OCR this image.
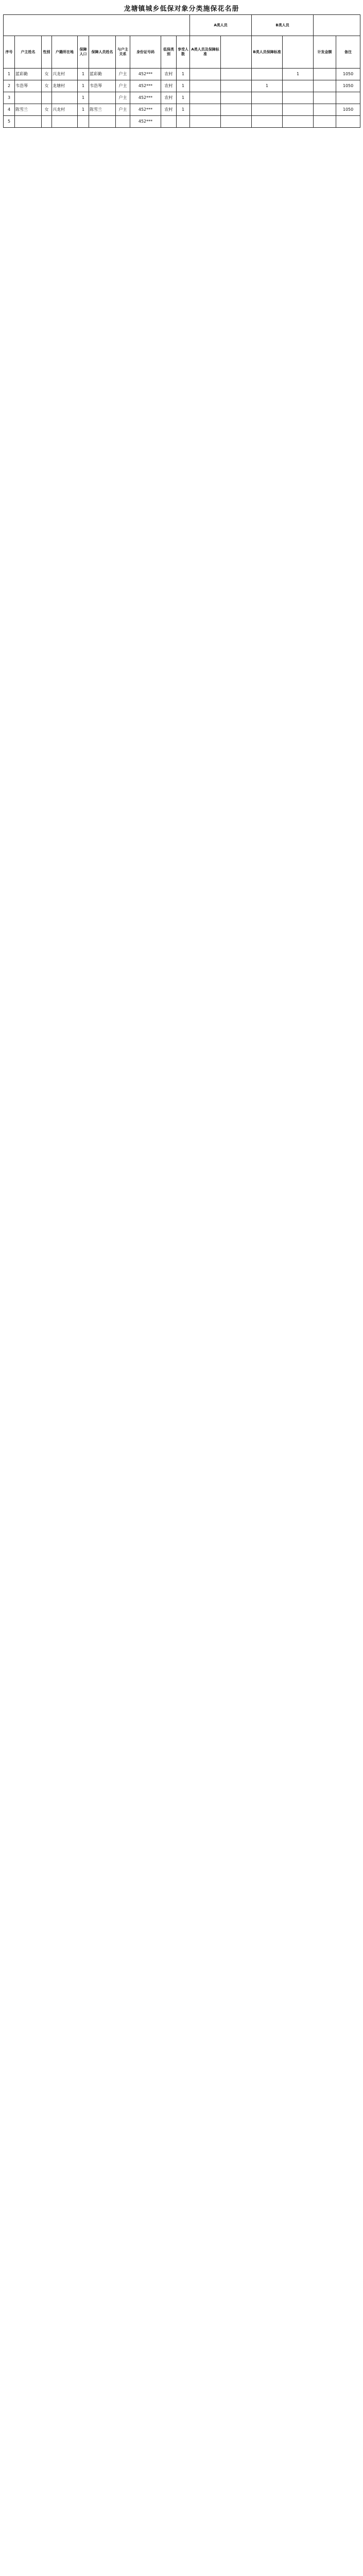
龙塘镇城乡低保对象分类施保花名册
										A类人员		B类人员			
序号	户主姓名	性别	户籍所在地	保障人口	保障人员姓名	与户主关系	身份证号码	低保类别	享受人数	A类人员及保障标准		B类人员保障标准		计发金额	备注
1	蓝彩勤	女	兴龙村	1	蓝彩勤	户主	452***	农村	1				1		1050
2	韦浩琴	女	龙塘村	1	韦浩琴	户主	452***	农村	1			1			1050
3				1		户主	452***	农村	1						
4	陈雪兰	女	兴龙村	1	陈雪兰	户主	452***	农村	1						1050
5							452***								
